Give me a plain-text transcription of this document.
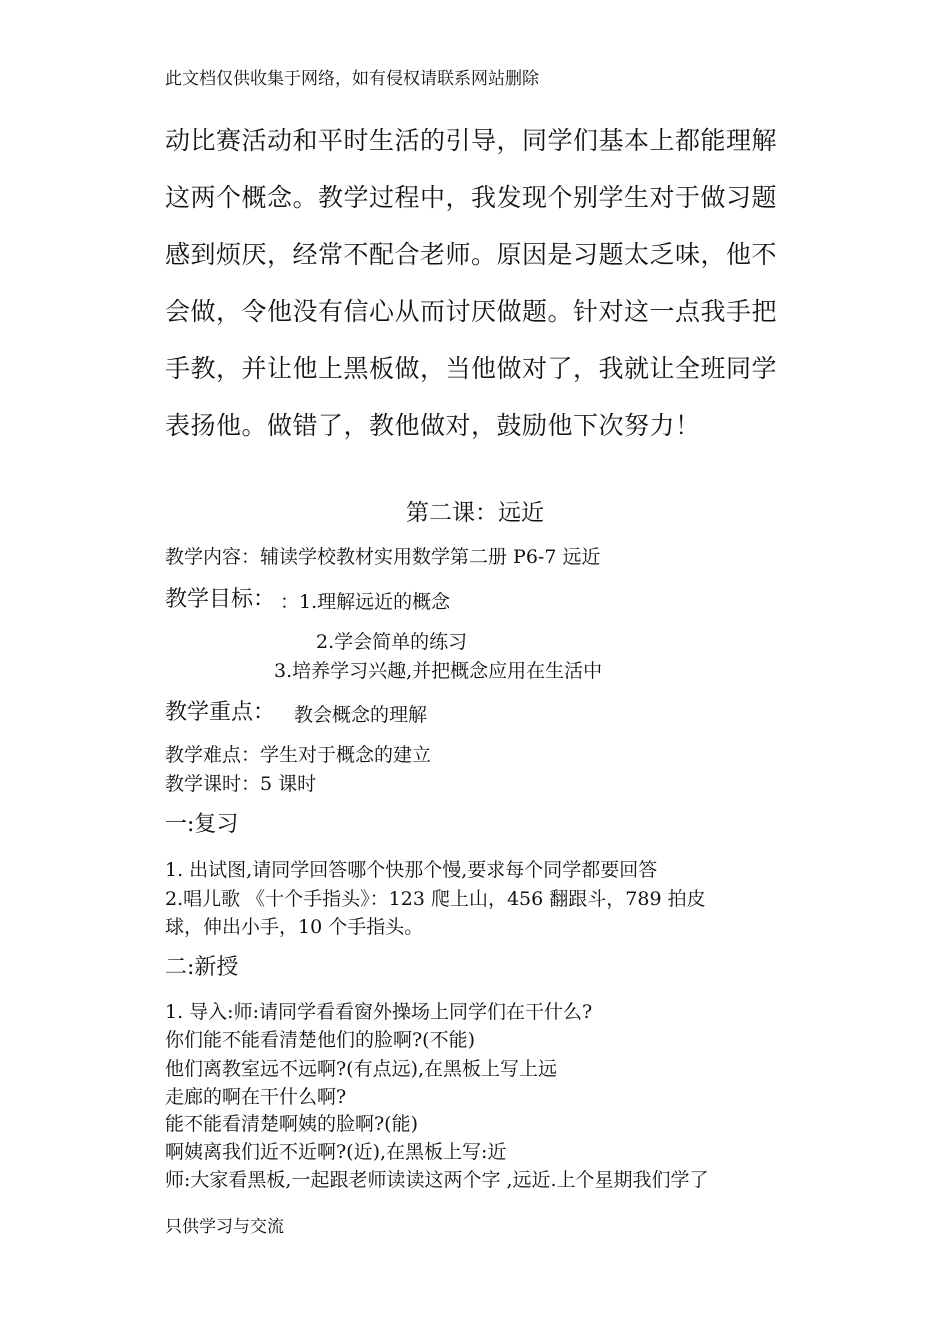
此文档仅供收集于网络，如有侵权请联系网站删除
动比赛活动和平时生活的引导，同学们基本上都能理解
这两个概念。教学过程中，我发现个别学生对于做习题
感到烦厌，经常不配合老师。原因是习题太乏味，他不
会做，令他没有信心从而讨厌做题。针对这一点我手把
手教，并让他上黑板做，当他做对了，我就让全班同学
表扬他。做错了，教他做对，鼓励他下次努力！
第二课：远近
教学内容：辅读学校教材实用数学第二册 P6-7 远近
教学目标： ：1.理解远近的概念
2.学会简单的练习
3.培养学习兴趣,并把概念应用在生活中
教学重点： 教会概念的理解
教学难点：学生对于概念的建立
教学课时：5 课时
一:复习
1. 出试图,请同学回答哪个快那个慢,要求每个同学都要回答
2.唱儿歌 《十个手指头》：123 爬上山，456 翻跟斗，789 拍皮
球，伸出小手，10 个手指头。
二:新授
1. 导入:师:请同学看看窗外操场上同学们在干什么?
你们能不能看清楚他们的脸啊?(不能)
他们离教室远不远啊?(有点远),在黑板上写上远
走廊的啊在干什么啊?
能不能看清楚啊姨的脸啊?(能)
啊姨离我们近不近啊?(近),在黑板上写:近
师:大家看黑板,一起跟老师读读这两个字 ,远近.上个星期我们学了
只供学习与交流
